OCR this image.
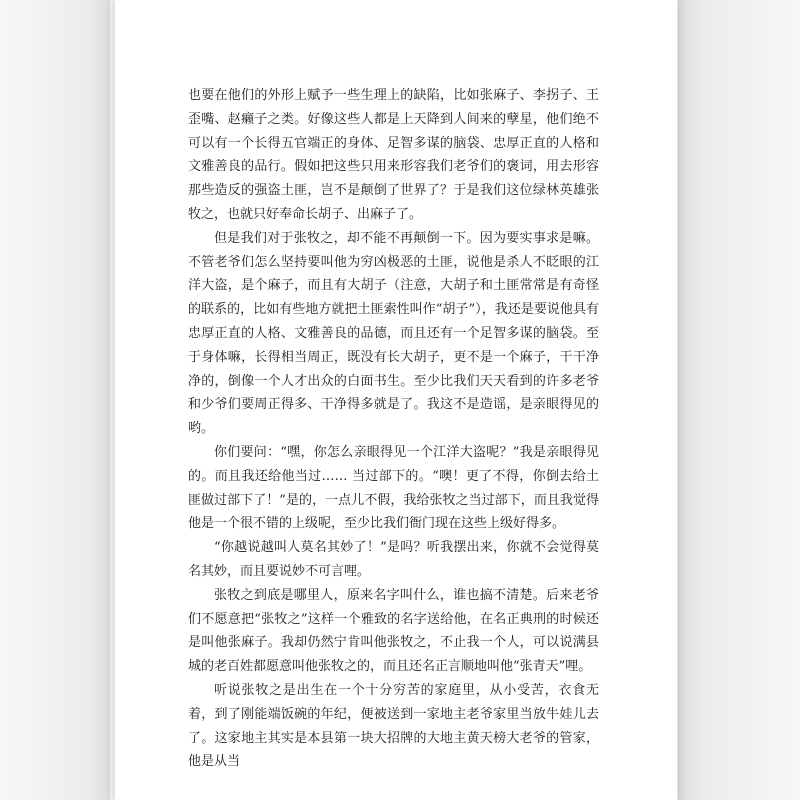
也要在他们的外形上赋予一些生理上的缺陷，比如张麻子、李拐子、王歪嘴、赵癞子之类。好像这些人都是上天降到人间来的孽星，他们绝不可以有一个长得五官端正的身体、足智多谋的脑袋、忠厚正直的人格和文雅善良的品行。假如把这些只用来形容我们老爷们的褒词，用去形容那些造反的强盗土匪，岂不是颠倒了世界了？于是我们这位绿林英雄张牧之，也就只好奉命长胡子、出麻子了。

但是我们对于张牧之，却不能不再颠倒一下。因为要实事求是嘛。不管老爷们怎么坚持要叫他为穷凶极恶的土匪，说他是杀人不眨眼的江洋大盗，是个麻子，而且有大胡子（注意，大胡子和土匪常常是有奇怪的联系的，比如有些地方就把土匪索性叫作“胡子”），我还是要说他具有忠厚正直的人格、文雅善良的品德，而且还有一个足智多谋的脑袋。至于身体嘛，长得相当周正，既没有长大胡子，更不是一个麻子，干干净净的，倒像一个人才出众的白面书生。至少比我们天天看到的许多老爷和少爷们要周正得多、干净得多就是了。我这不是造谣，是亲眼得见的哟。

你们要问：“嘿，你怎么亲眼得见一个江洋大盗呢？”我是亲眼得见的。而且我还给他当过…… 当过部下的。“噢！更了不得，你倒去给土匪做过部下了！”是的，一点儿不假，我给张牧之当过部下，而且我觉得他是一个很不错的上级呢，至少比我们衙门现在这些上级好得多。

“你越说越叫人莫名其妙了！”是吗？听我摆出来，你就不会觉得莫名其妙，而且要说妙不可言哩。

张牧之到底是哪里人，原来名字叫什么，谁也搞不清楚。后来老爷们不愿意把“张牧之”这样一个雅致的名字送给他，在名正典刑的时候还是叫他张麻子。我却仍然宁肯叫他张牧之，不止我一个人，可以说满县城的老百姓都愿意叫他张牧之的，而且还名正言顺地叫他“张青天”哩。

听说张牧之是出生在一个十分穷苦的家庭里，从小受苦，衣食无着，到了刚能端饭碗的年纪，便被送到一家地主老爷家里当放牛娃儿去了。这家地主其实是本县第一块大招牌的大地主黄天榜大老爷的管家，他是从当
